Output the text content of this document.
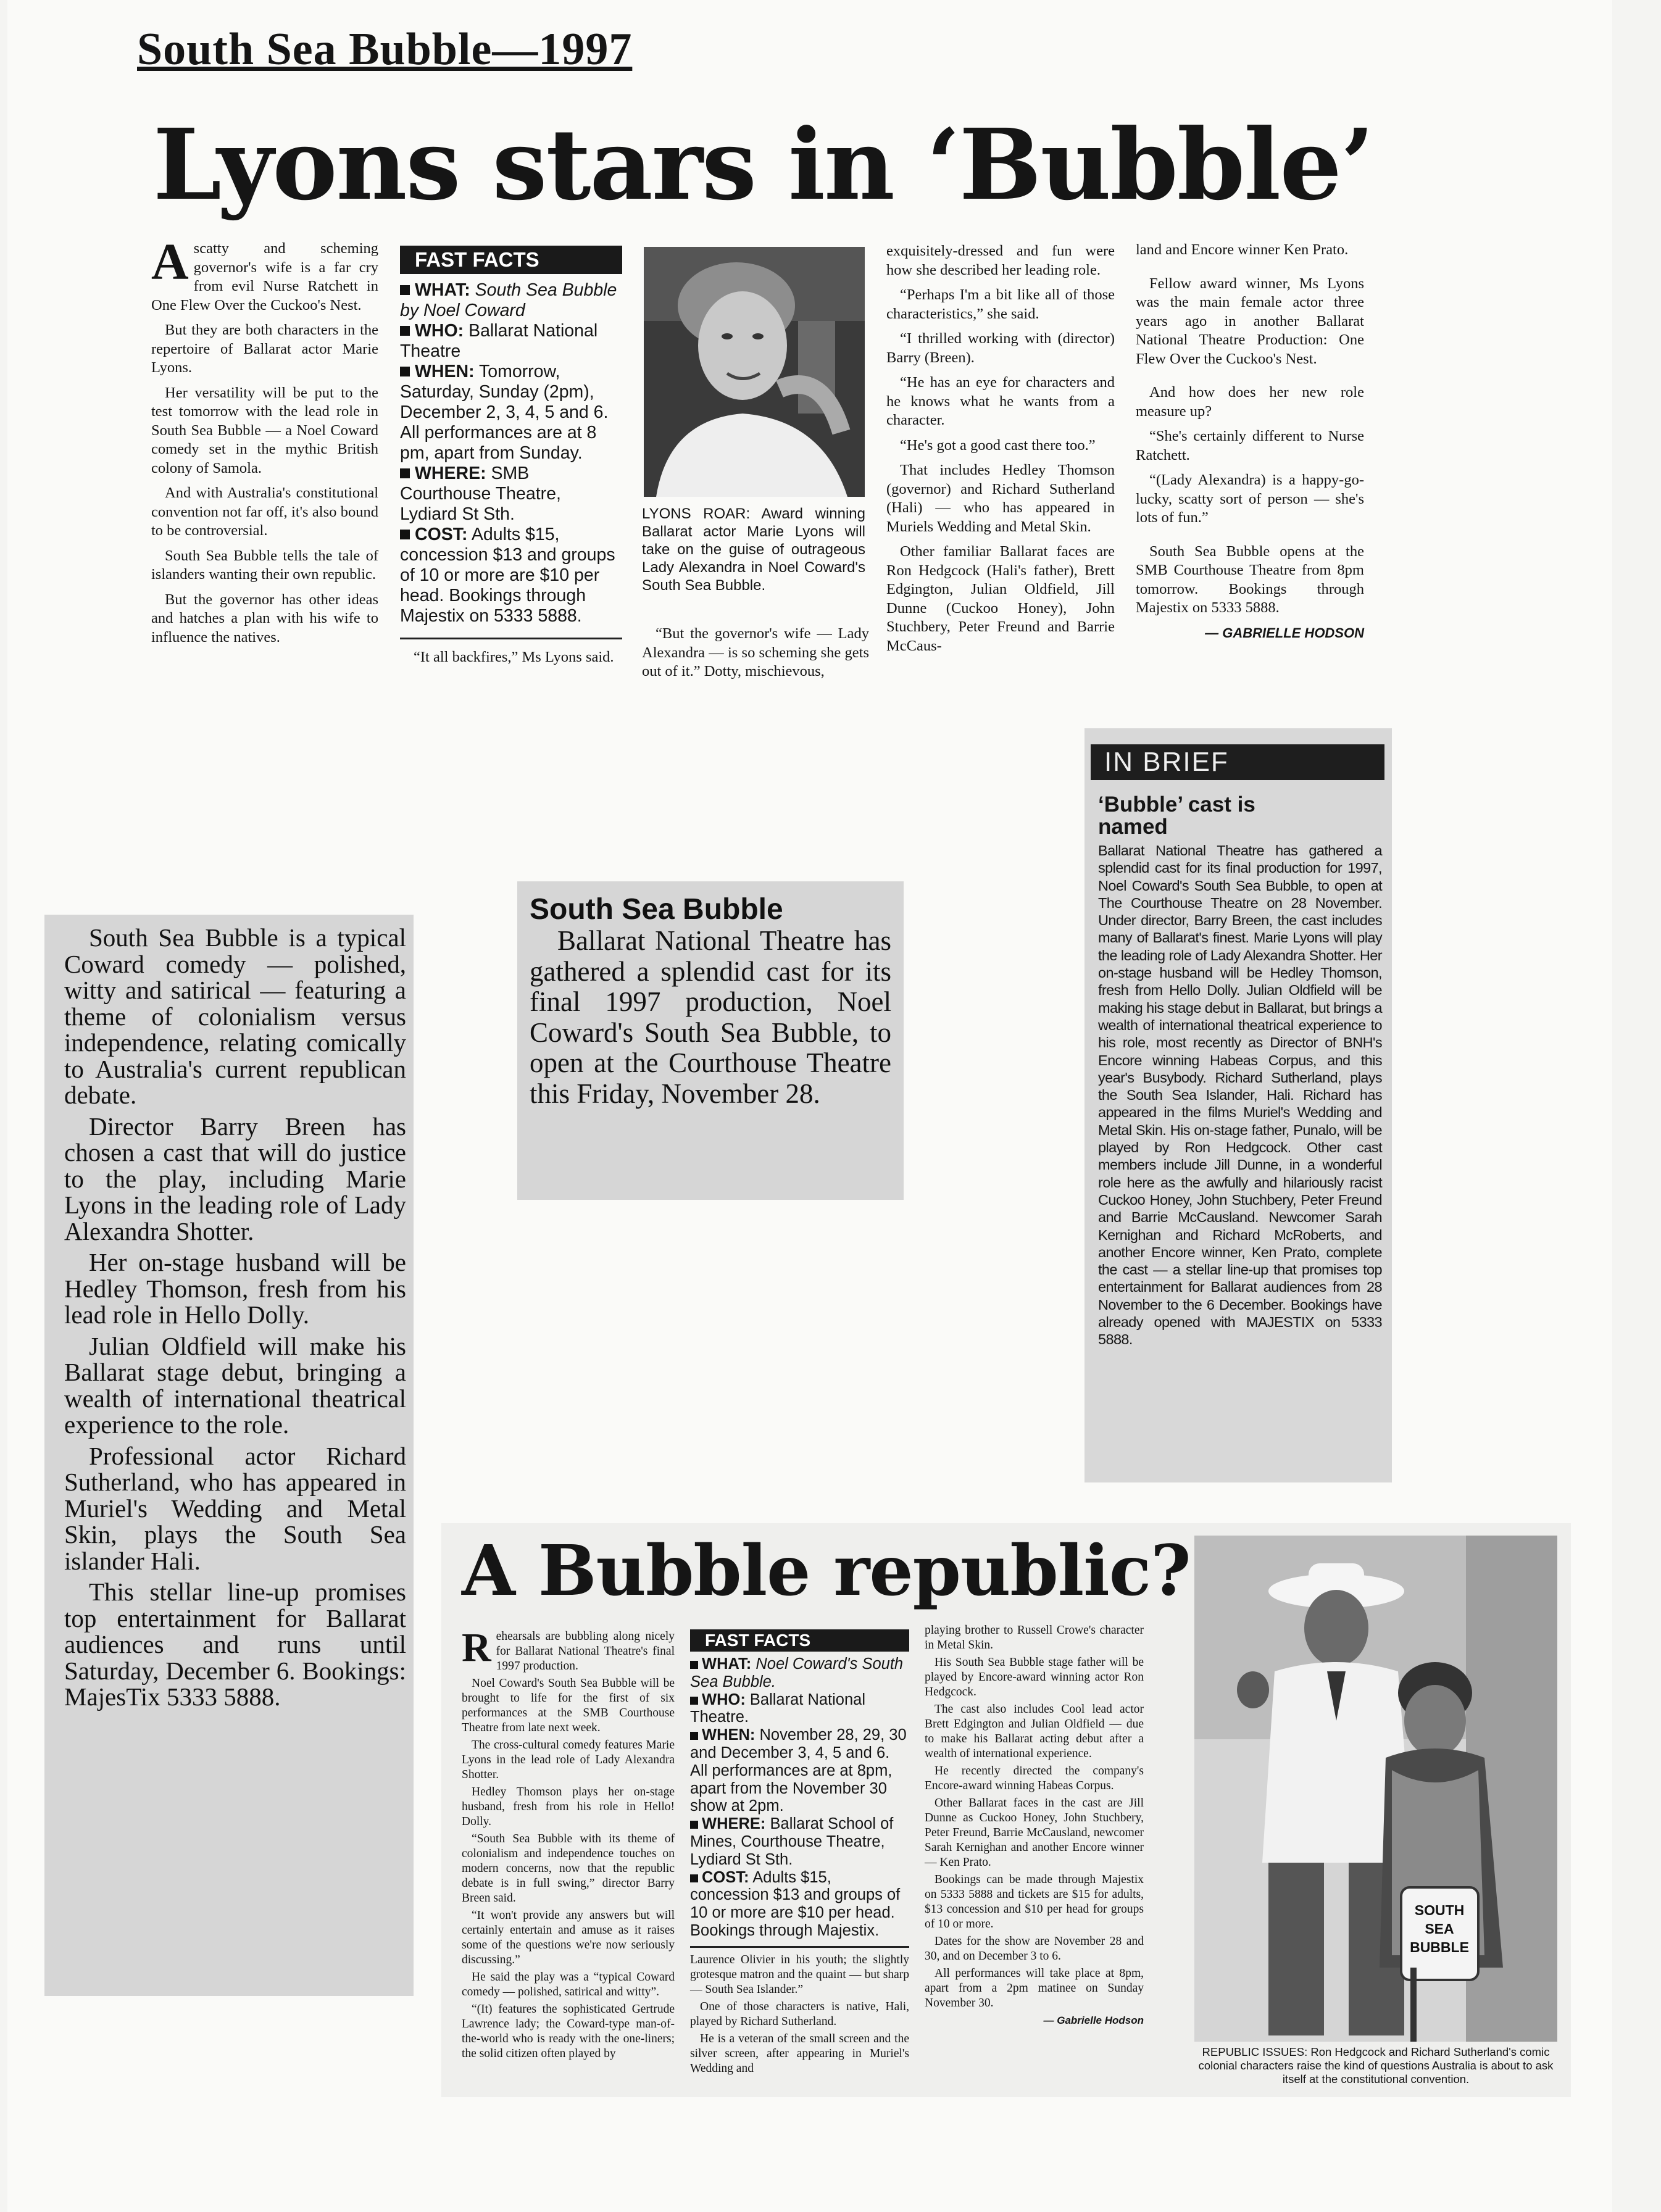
South Sea Bubble—1997
Lyons stars in ‘Bubble’
A scatty and scheming governor's wife is a far cry from evil Nurse Ratchett in One Flew Over the Cuckoo's Nest.

But they are both characters in the repertoire of Ballarat actor Marie Lyons.

Her versatility will be put to the test tomorrow with the lead role in South Sea Bubble — a Noel Coward comedy set in the mythic British colony of Samola.

And with Australia's constitutional convention not far off, it's also bound to be controversial.

South Sea Bubble tells the tale of islanders wanting their own republic.

But the governor has other ideas and hatches a plan with his wife to influence the natives.

FAST FACTS
WHAT: South Sea Bubble by Noel Coward
WHO: Ballarat National Theatre
WHEN: Tomorrow, Saturday, Sunday (2pm), December 2, 3, 4, 5 and 6. All performances are at 8 pm, apart from Sunday.
WHERE: SMB Courthouse Theatre, Lydiard St Sth.
COST: Adults $15, concession $13 and groups of 10 or more are $10 per head. Bookings through Majestix on 5333 5888.
“It all backfires,” Ms Lyons said.
LYONS ROAR: Award winning Ballarat actor Marie Lyons will take on the guise of outrageous Lady Alexandra in Noel Coward's South Sea Bubble.
“But the governor's wife — Lady Alexandra — is so scheming she gets out of it.” Dotty, mischievous,

exquisitely-dressed and fun were how she described her leading role.

“Perhaps I'm a bit like all of those characteristics,” she said.

“I thrilled working with (director) Barry (Breen).

“He has an eye for characters and he knows what he wants from a character.

“He's got a good cast there too.”

That includes Hedley Thomson (governor) and Richard Sutherland (Hali) — who has appeared in Muriels Wedding and Metal Skin.

Other familiar Ballarat faces are Ron Hedgcock (Hali's father), Brett Edgington, Julian Oldfield, Jill Dunne (Cuckoo Honey), John Stuchbery, Peter Freund and Barrie McCaus-

land and Encore winner Ken Prato.

Fellow award winner, Ms Lyons was the main female actor three years ago in another Ballarat National Theatre Production: One Flew Over the Cuckoo's Nest.

And how does her new role measure up?

“She's certainly different to Nurse Ratchett.

“(Lady Alexandra) is a happy-go-lucky, scatty sort of person — she's lots of fun.”

South Sea Bubble opens at the SMB Courthouse Theatre from 8pm tomorrow. Bookings through Majestix on 5333 5888.

— GABRIELLE HODSON

South Sea Bubble is a typical Coward comedy — polished, witty and satirical — featuring a theme of colonialism versus independence, relating comically to Australia's current republican debate.

Director Barry Breen has chosen a cast that will do justice to the play, including Marie Lyons in the leading role of Lady Alexandra Shotter.

Her on-stage husband will be Hedley Thomson, fresh from his lead role in Hello Dolly.

Julian Oldfield will make his Ballarat stage debut, bringing a wealth of international theatrical experience to the role.

Professional actor Richard Sutherland, who has appeared in Muriel's Wedding and Metal Skin, plays the South Sea islander Hali.

This stellar line-up promises top entertainment for Ballarat audiences and runs until Saturday, December 6. Bookings: MajesTix 5333 5888.

South Sea Bubble
Ballarat National Theatre has gathered a splendid cast for its final 1997 production, Noel Coward's South Sea Bubble, to open at the Courthouse Theatre this Friday, November 28.
IN BRIEF
‘Bubble’ cast is named
Ballarat National Theatre has gathered a splendid cast for its final production for 1997, Noel Coward's South Sea Bubble, to open at The Courthouse Theatre on 28 November. Under director, Barry Breen, the cast includes many of Ballarat's finest. Marie Lyons will play the leading role of Lady Alexandra Shotter. Her on-stage husband will be Hedley Thomson, fresh from Hello Dolly. Julian Oldfield will be making his stage debut in Ballarat, but brings a wealth of international theatrical experience to his role, most recently as Director of BNH's Encore winning Habeas Corpus, and this year's Busybody. Richard Sutherland, plays the South Sea Islander, Hali. Richard has appeared in the films Muriel's Wedding and Metal Skin. His on-stage father, Punalo, will be played by Ron Hedgcock. Other cast members include Jill Dunne, in a wonderful role here as the awfully and hilariously racist Cuckoo Honey, John Stuchbery, Peter Freund and Barrie McCausland. Newcomer Sarah Kernighan and Richard McRoberts, and another Encore winner, Ken Prato, complete the cast — a stellar line-up that promises top entertainment for Ballarat audiences from 28 November to the 6 December. Bookings have already opened with MAJESTIX on 5333 5888.
A Bubble republic?
R ehearsals are bubbling along nicely for Ballarat National Theatre's final 1997 production.

Noel Coward's South Sea Bubble will be brought to life for the first of six performances at the SMB Courthouse Theatre from late next week.

The cross-cultural comedy features Marie Lyons in the lead role of Lady Alexandra Shotter.

Hedley Thomson plays her on-stage husband, fresh from his role in Hello! Dolly.

“South Sea Bubble with its theme of colonialism and independence touches on modern concerns, now that the republic debate is in full swing,” director Barry Breen said.

“It won't provide any answers but will certainly entertain and amuse as it raises some of the questions we're now seriously discussing.”

He said the play was a “typical Coward comedy — polished, satirical and witty”.

“(It) features the sophisticated Gertrude Lawrence lady; the Coward-type man-of-the-world who is ready with the one-liners; the solid citizen often played by

FAST FACTS
WHAT: Noel Coward's South Sea Bubble.
WHO: Ballarat National Theatre.
WHEN: November 28, 29, 30 and December 3, 4, 5 and 6. All performances are at 8pm, apart from the November 30 show at 2pm.
WHERE: Ballarat School of Mines, Courthouse Theatre, Lydiard St Sth.
COST: Adults $15, concession $13 and groups of 10 or more are $10 per head. Bookings through Majestix.

Laurence Olivier in his youth; the slightly grotesque matron and the quaint — but sharp — South Sea Islander.”

One of those characters is native, Hali, played by Richard Sutherland.

He is a veteran of the small screen and the silver screen, after appearing in Muriel's Wedding and

playing brother to Russell Crowe's character in Metal Skin.

His South Sea Bubble stage father will be played by Encore-award winning actor Ron Hedgcock.

The cast also includes Cool lead actor Brett Edgington and Julian Oldfield — due to make his Ballarat acting debut after a wealth of international experience.

He recently directed the company's Encore-award winning Habeas Corpus.

Other Ballarat faces in the cast are Jill Dunne as Cuckoo Honey, John Stuchbery, Peter Freund, Barrie McCausland, newcomer Sarah Kernighan and another Encore winner — Ken Prato.

Bookings can be made through Majestix on 5333 5888 and tickets are $15 for adults, $13 concession and $10 per head for groups of 10 or more.

Dates for the show are November 28 and 30, and on December 3 to 6.

All performances will take place at 8pm, apart from a 2pm matinee on Sunday November 30.

— Gabrielle Hodson
SOUTH
SEA
BUBBLE
REPUBLIC ISSUES: Ron Hedgcock and Richard Sutherland's comic colonial characters raise the kind of questions Australia is about to ask itself at the constitutional convention.
